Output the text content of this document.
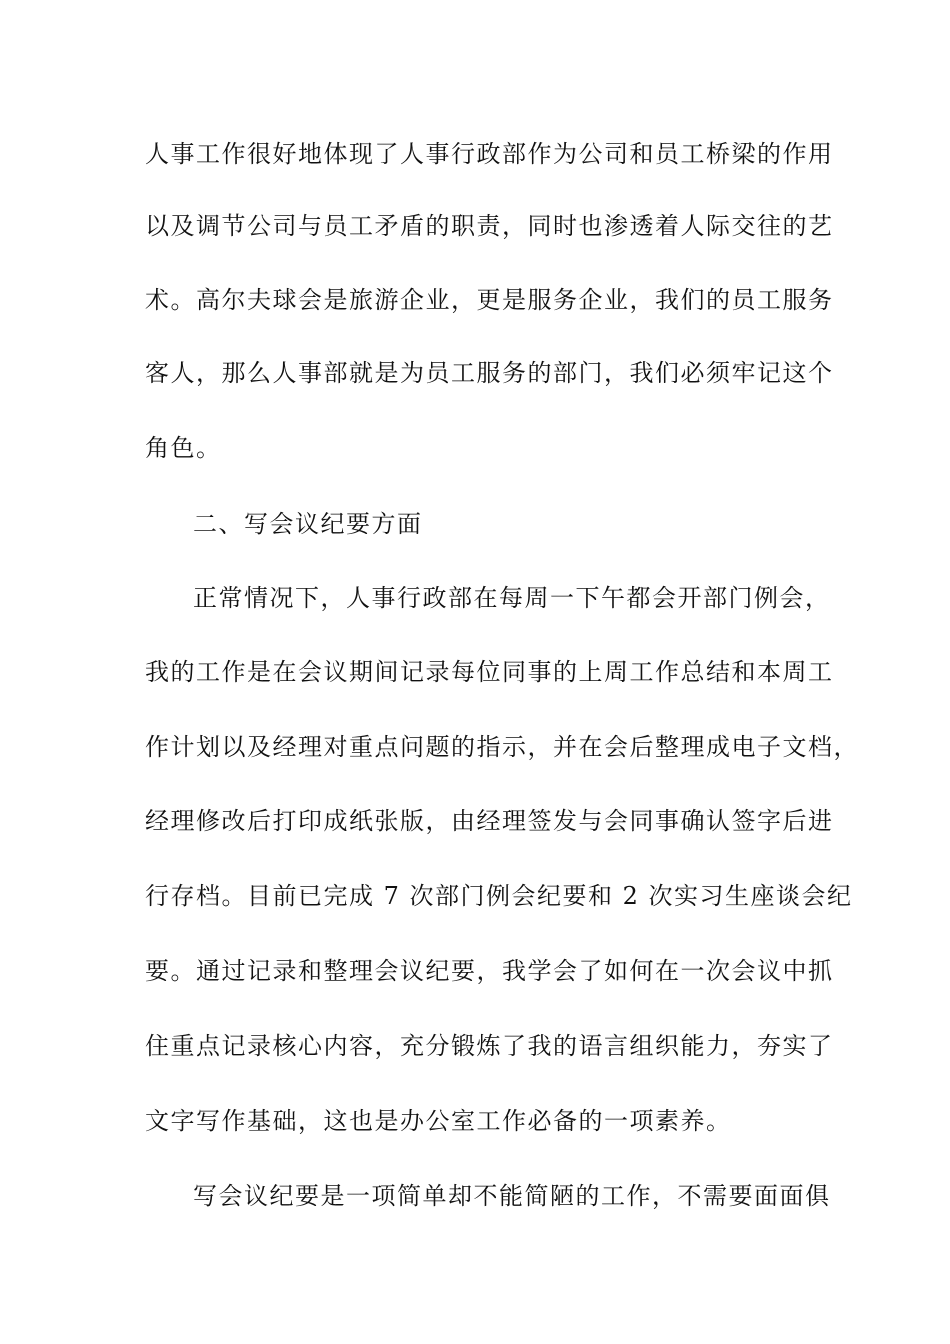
人事工作很好地体现了人事行政部作为公司和员工桥梁的作用
以及调节公司与员工矛盾的职责，同时也渗透着人际交往的艺
术。高尔夫球会是旅游企业，更是服务企业，我们的员工服务
客人，那么人事部就是为员工服务的部门，我们必须牢记这个
角色。
二、写会议纪要方面
正常情况下，人事行政部在每周一下午都会开部门例会，
我的工作是在会议期间记录每位同事的上周工作总结和本周工
作计划以及经理对重点问题的指示，并在会后整理成电子文档，
经理修改后打印成纸张版，由经理签发与会同事确认签字后进
行存档。目前已完成 7 次部门例会纪要和 2 次实习生座谈会纪
要。通过记录和整理会议纪要，我学会了如何在一次会议中抓
住重点记录核心内容，充分锻炼了我的语言组织能力，夯实了
文字写作基础，这也是办公室工作必备的一项素养。
写会议纪要是一项简单却不能简陋的工作，不需要面面俱
